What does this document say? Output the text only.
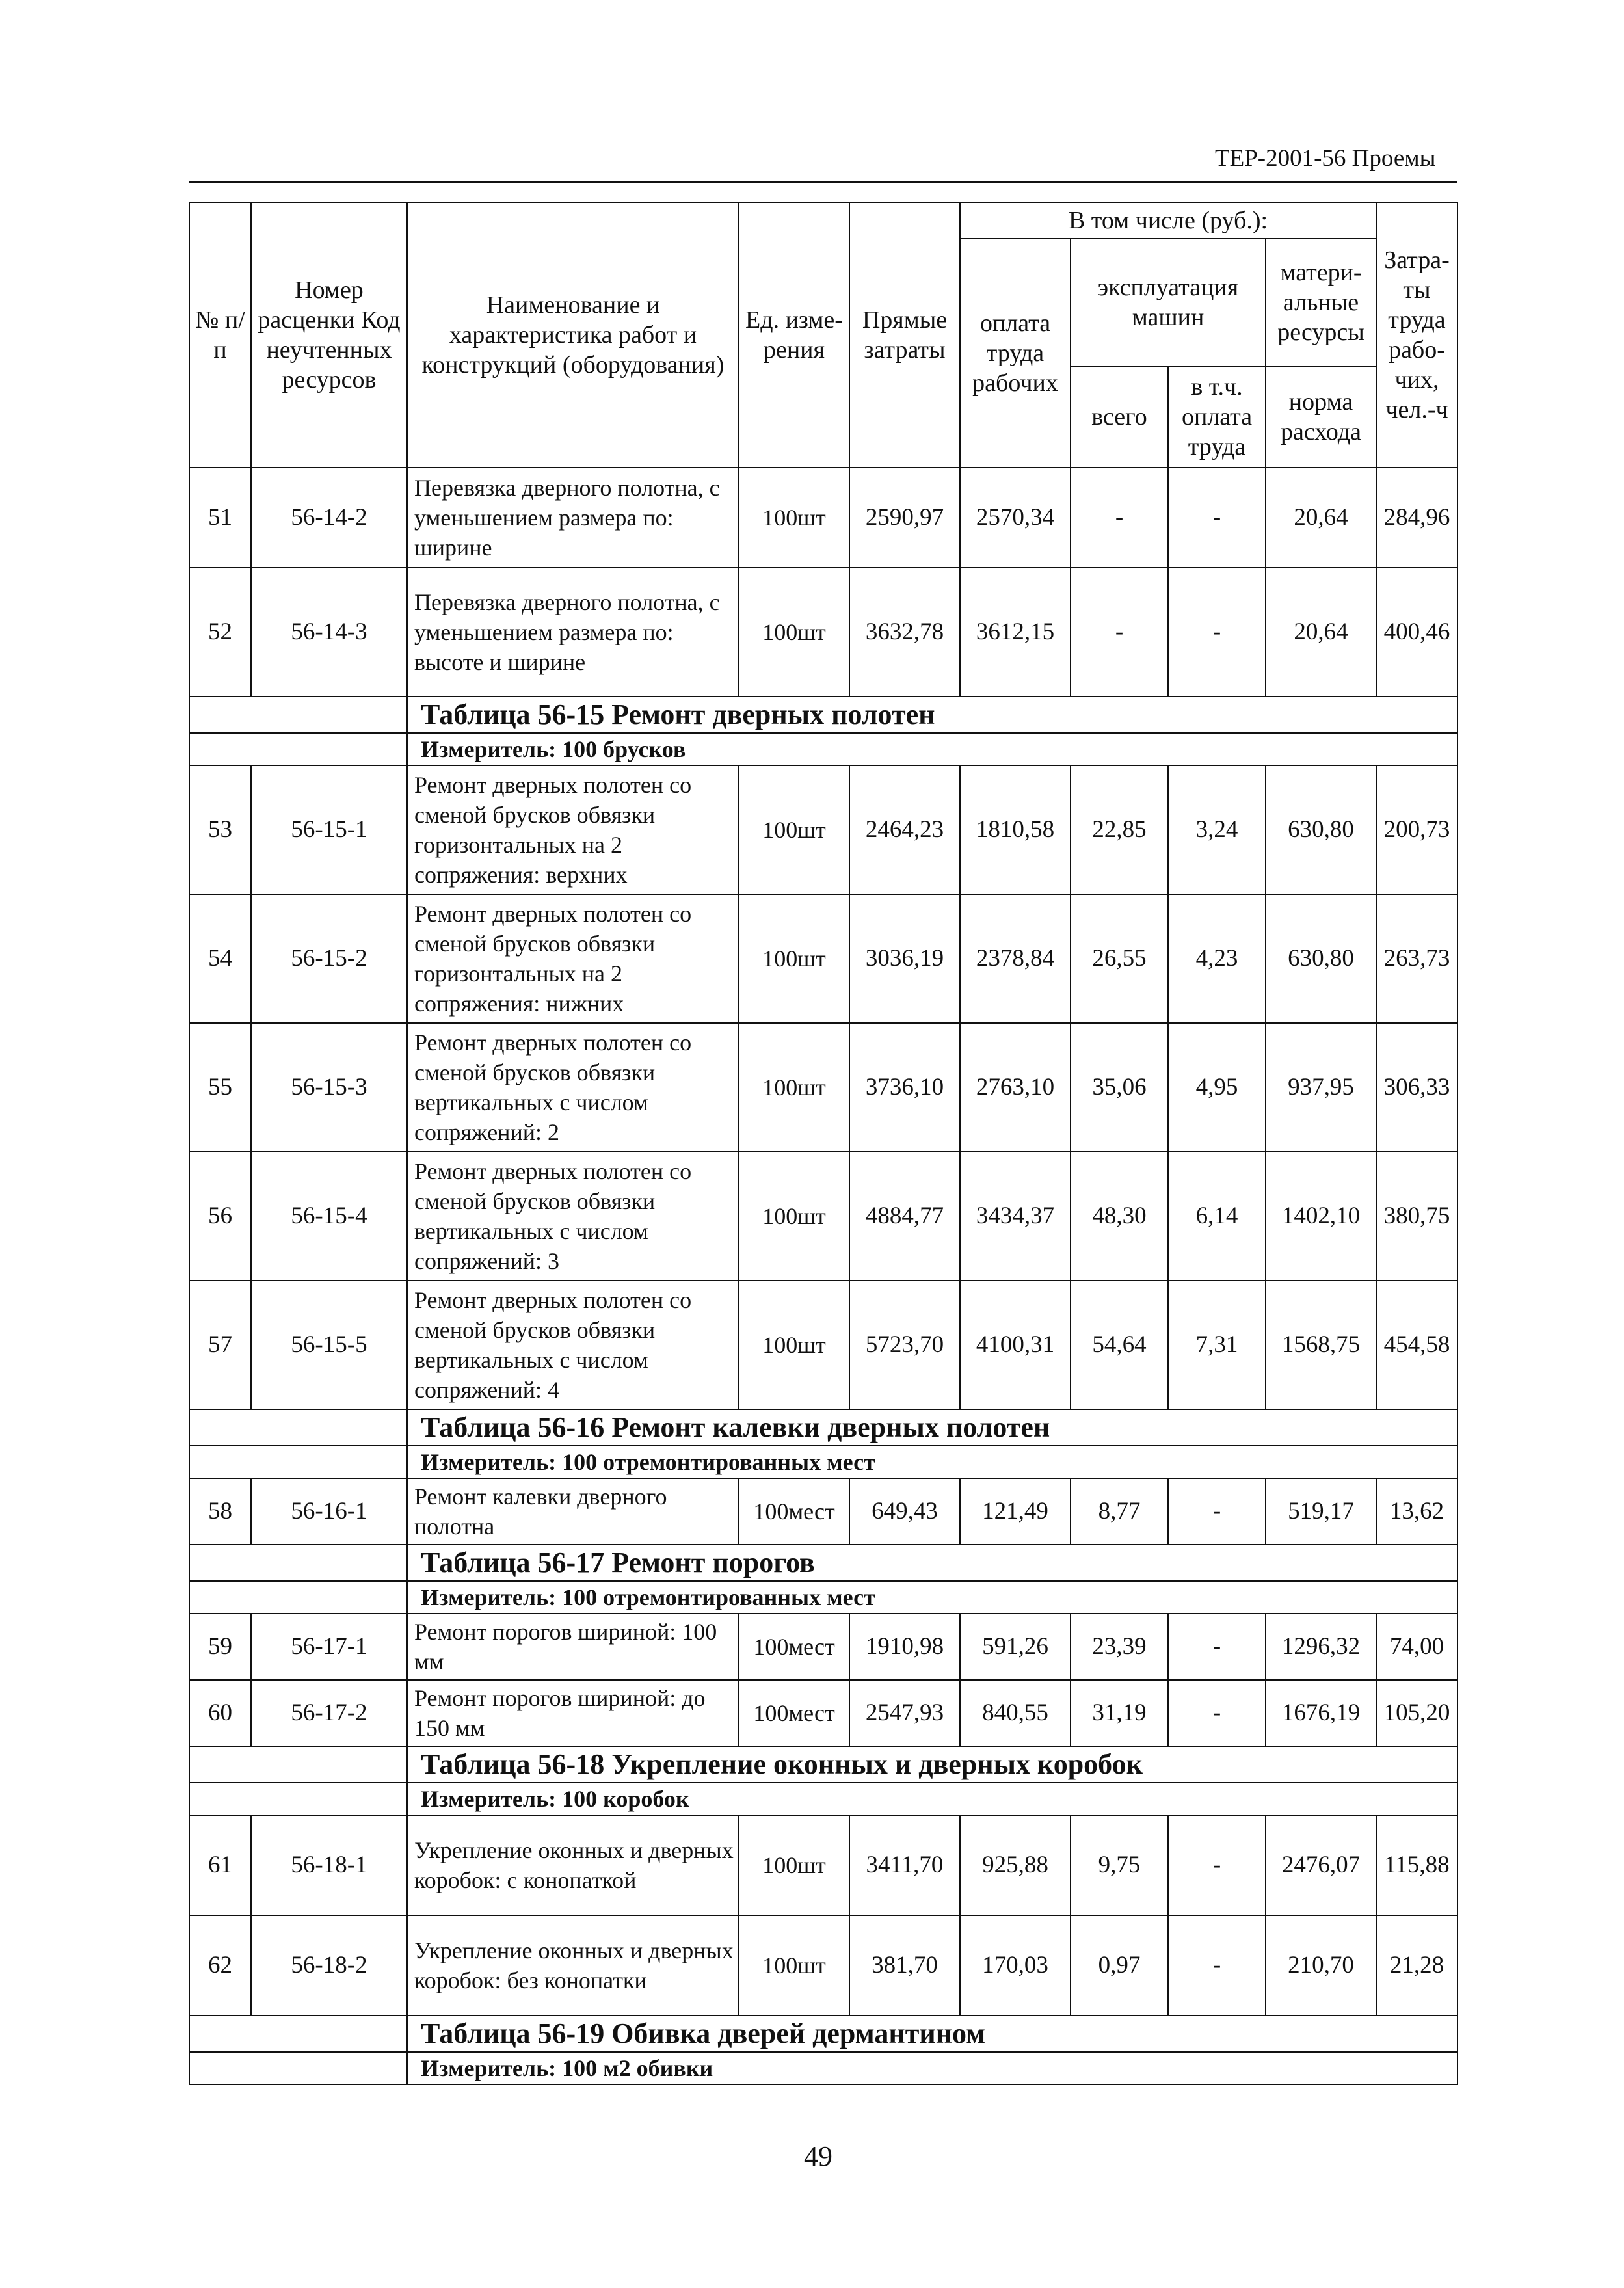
ТЕР-2001-56 Проемы
№ п/п	Номер расценки Код неучтенных ресурсов	Наименование и характеристика работ и конструкций (оборудования)	Ед. изме-рения	Прямые затраты	В том числе (руб.):				Затра-ты труда рабо-чих, чел.-ч
					оплата труда рабочих	эксплуатация машин		матери-альные ресурсы	
						всего	в т.ч. оплата труда	норма расхода	
51	56-14-2	Перевязка дверного полотна, с уменьшением размера по: ширине	100шт	2590,97	2570,34	-	-	20,64	284,96
52	56-14-3	Перевязка дверного полотна, с уменьшением размера по: высоте и ширине	100шт	3632,78	3612,15	-	-	20,64	400,46
		Таблица 56-15 Ремонт дверных полотен							
		Измеритель: 100 брусков							
53	56-15-1	Ремонт дверных полотен со сменой брусков обвязки горизонтальных на 2 сопряжения: верхних	100шт	2464,23	1810,58	22,85	3,24	630,80	200,73
54	56-15-2	Ремонт дверных полотен со сменой брусков обвязки горизонтальных на 2 сопряжения: нижних	100шт	3036,19	2378,84	26,55	4,23	630,80	263,73
55	56-15-3	Ремонт дверных полотен со сменой брусков обвязки вертикальных с числом сопряжений: 2	100шт	3736,10	2763,10	35,06	4,95	937,95	306,33
56	56-15-4	Ремонт дверных полотен со сменой брусков обвязки вертикальных с числом сопряжений: 3	100шт	4884,77	3434,37	48,30	6,14	1402,10	380,75
57	56-15-5	Ремонт дверных полотен со сменой брусков обвязки вертикальных с числом сопряжений: 4	100шт	5723,70	4100,31	54,64	7,31	1568,75	454,58
		Таблица 56-16 Ремонт калевки дверных полотен							
		Измеритель: 100 отремонтированных мест							
58	56-16-1	Ремонт калевки дверного полотна	100мест	649,43	121,49	8,77	-	519,17	13,62
		Таблица 56-17 Ремонт порогов							
		Измеритель: 100 отремонтированных мест							
59	56-17-1	Ремонт порогов шириной: 100 мм	100мест	1910,98	591,26	23,39	-	1296,32	74,00
60	56-17-2	Ремонт порогов шириной: до 150 мм	100мест	2547,93	840,55	31,19	-	1676,19	105,20
		Таблица 56-18 Укрепление оконных и дверных коробок							
		Измеритель: 100 коробок							
61	56-18-1	Укрепление оконных и дверных коробок: с конопаткой	100шт	3411,70	925,88	9,75	-	2476,07	115,88
62	56-18-2	Укрепление оконных и дверных коробок: без конопатки	100шт	381,70	170,03	0,97	-	210,70	21,28
		Таблица 56-19 Обивка дверей дермантином							
		Измеритель: 100 м2 обивки							
49
